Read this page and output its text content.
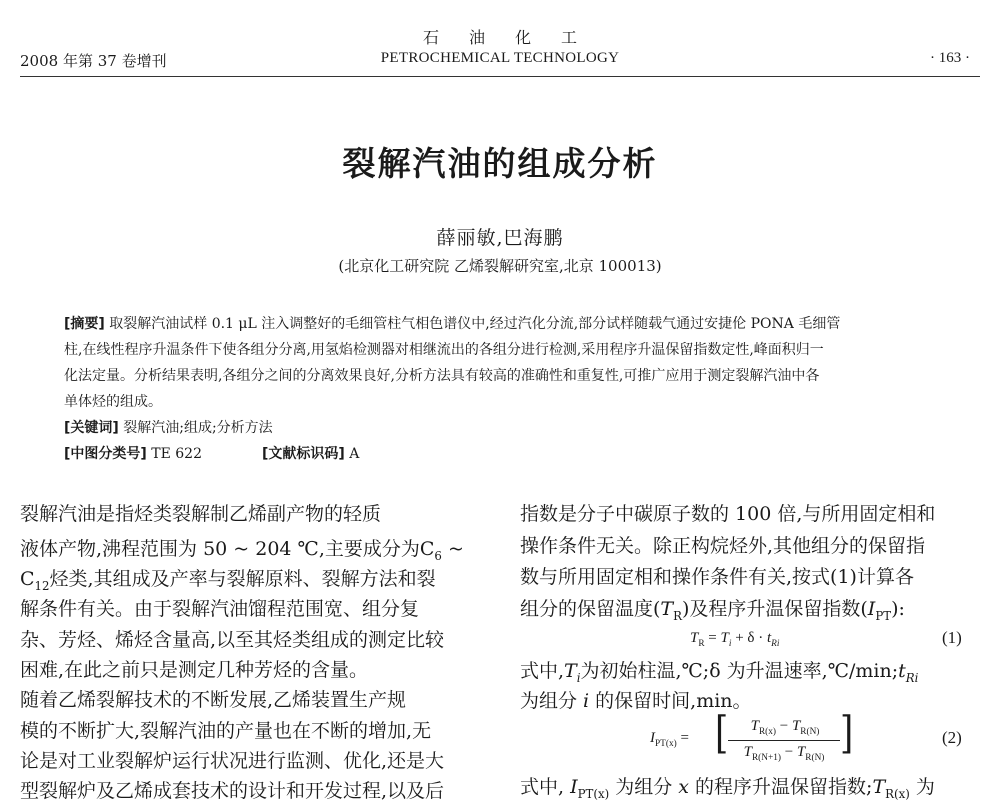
2008 年第 37 卷增刊
石油化工
PETROCHEMICAL TECHNOLOGY	· 163 ·
裂解汽油的组成分析
薛丽敏,巴海鹏
(北京化工研究院 乙烯裂解研究室,北京 100013)
[摘要] 取裂解汽油试样 0.1 μL 注入调整好的毛细管柱气相色谱仪中,经过汽化分流,部分试样随载气通过安捷伦 PONA 毛细管
柱,在线性程序升温条件下使各组分分离,用氢焰检测器对相继流出的各组分进行检测,采用程序升温保留指数定性,峰面积归一
化法定量。分析结果表明,各组分之间的分离效果良好,分析方法具有较高的准确性和重复性,可推广应用于测定裂解汽油中各
单体烃的组成。
[关键词] 裂解汽油;组成;分析方法
[中图分类号] TE 622	[文献标识码] A
裂解汽油是指烃类裂解制乙烯副产物的轻质
液体产物,沸程范围为 50 ~ 204 ℃,主要成分为$C_6$ ~
$C_{12}$烃类,其组成及产率与裂解原料、裂解方法和裂
解条件有关。由于裂解汽油馏程范围宽、组分复
杂、芳烃、烯烃含量高,以至其烃类组成的测定比较
困难,在此之前只是测定几种芳烃的含量。
随着乙烯裂解技术的不断发展,乙烯装置生产规
模的不断扩大,裂解汽油的产量也在不断的增加,无
论是对工业裂解炉运行状况进行监测、优化,还是大
型裂解炉及乙烯成套技术的设计和开发过程,以及后
指数是分子中碳原子数的 100 倍,与所用固定相和
操作条件无关。除正构烷烃外,其他组分的保留指
数与所用固定相和操作条件有关,按式(1)计算各
组分的保留温度$(T_R)$及程序升温保留指数$(I_{PT})$:
$T_R = T_i + \delta \cdot t_{Ri}$	(1)
式中$,T_i$为初始柱温,℃;δ 为升温速率$,℃/\min;t_{Ri}$
为组分 i 的保留时间,min。
$I_{PT(x)}$ = [	$T_{R(x)} - T_{R(N)}$
$T_{R(N+1)} - T_{R(N)}$ ]	(2)
式中, $I_{PT(x)}$ 为组分 x 的程序升温保留指数$;T_{R(x)}$ 为
